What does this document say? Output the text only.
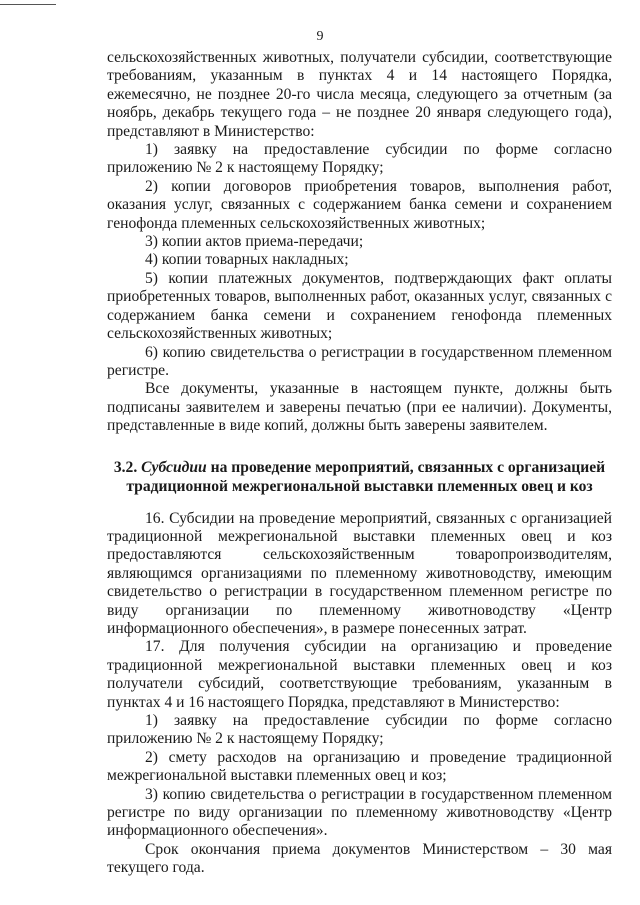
9

сельскохозяйственных животных, получатели субсидии, соответствующие требованиям, указанным в пунктах 4 и 14 настоящего Порядка, ежемесячно, не позднее 20-го числа месяца, следующего за отчетным (за ноябрь, декабрь текущего года – не позднее 20 января следующего года), представляют в Министерство:

1) заявку на предоставление субсидии по форме согласно приложению № 2 к настоящему Порядку;

2) копии договоров приобретения товаров, выполнения работ, оказания услуг, связанных с содержанием банка семени и сохранением генофонда племенных сельскохозяйственных животных;

3) копии актов приема-передачи;

4) копии товарных накладных;

5) копии платежных документов, подтверждающих факт оплаты приобретенных товаров, выполненных работ, оказанных услуг, связанных с содержанием банка семени и сохранением генофонда племенных сельскохозяйственных животных;

6) копию свидетельства о регистрации в государственном племенном регистре.

Все документы, указанные в настоящем пункте, должны быть подписаны заявителем и заверены печатью (при ее наличии). Документы, представленные в виде копий, должны быть заверены заявителем.

3.2. Субсидии на проведение мероприятий, связанных с организацией традиционной межрегиональной выставки племенных овец и коз

16. Субсидии на проведение мероприятий, связанных с организацией традиционной межрегиональной выставки племенных овец и коз предоставляются сельскохозяйственным товаропроизводителям, являющимся организациями по племенному животноводству, имеющим свидетельство о регистрации в государственном племенном регистре по виду организации по племенному животноводству «Центр информационного обеспечения», в размере понесенных затрат.

17. Для получения субсидии на организацию и проведение традиционной межрегиональной выставки племенных овец и коз получатели субсидий, соответствующие требованиям, указанным в пунктах 4 и 16 настоящего Порядка, представляют в Министерство:

1) заявку на предоставление субсидии по форме согласно приложению № 2 к настоящему Порядку;

2) смету расходов на организацию и проведение традиционной межрегиональной выставки племенных овец и коз;

3) копию свидетельства о регистрации в государственном племенном регистре по виду организации по племенному животноводству «Центр информационного обеспечения».

Срок окончания приема документов Министерством – 30 мая текущего года.
